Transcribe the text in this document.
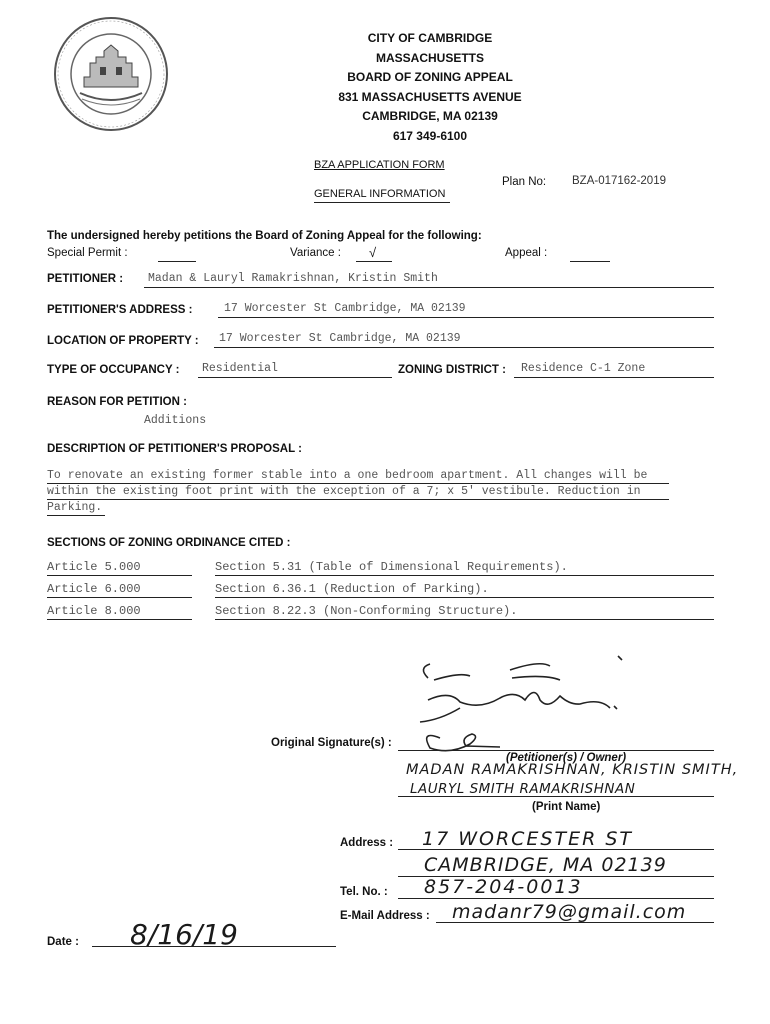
CITY OF CAMBRIDGE
MASSACHUSETTS
BOARD OF ZONING APPEAL
831 MASSACHUSETTS AVENUE
CAMBRIDGE, MA 02139
617 349-6100
BZA APPLICATION FORM
GENERAL INFORMATION
Plan No: BZA-017162-2019
The undersigned hereby petitions the Board of Zoning Appeal for the following:
Special Permit :	Variance : √	Appeal :
PETITIONER : Madan & Lauryl Ramakrishnan, Kristin Smith
PETITIONER'S ADDRESS :	17 Worcester St Cambridge, MA 02139
LOCATION OF PROPERTY : 17 Worcester St Cambridge, MA 02139
TYPE OF OCCUPANCY : Residential	ZONING DISTRICT : Residence C-1 Zone
REASON FOR PETITION :
Additions
DESCRIPTION OF PETITIONER'S PROPOSAL :
To renovate an existing former stable into a one bedroom apartment. All changes will be
within the existing foot print with the exception of a 7; x 5' vestibule. Reduction in
Parking.
SECTIONS OF ZONING ORDINANCE CITED :
Article 5.000	Section 5.31 (Table of Dimensional Requirements).
Article 6.000	Section 6.36.1 (Reduction of Parking).
Article 8.000	Section 8.22.3 (Non-Conforming Structure).
Original Signature(s) :
(Petitioner(s) / Owner)
MADAN RAMAKRISHNAN, KRISTIN SMITH,
LAURYL SMITH RAMAKRISHNAN
(Print Name)
Address : 17 WORCESTER ST
CAMBRIDGE, MA 02139
Tel. No. : 857-204-0013
E-Mail Address : madanr79@gmail.com
Date : 8/16/19
